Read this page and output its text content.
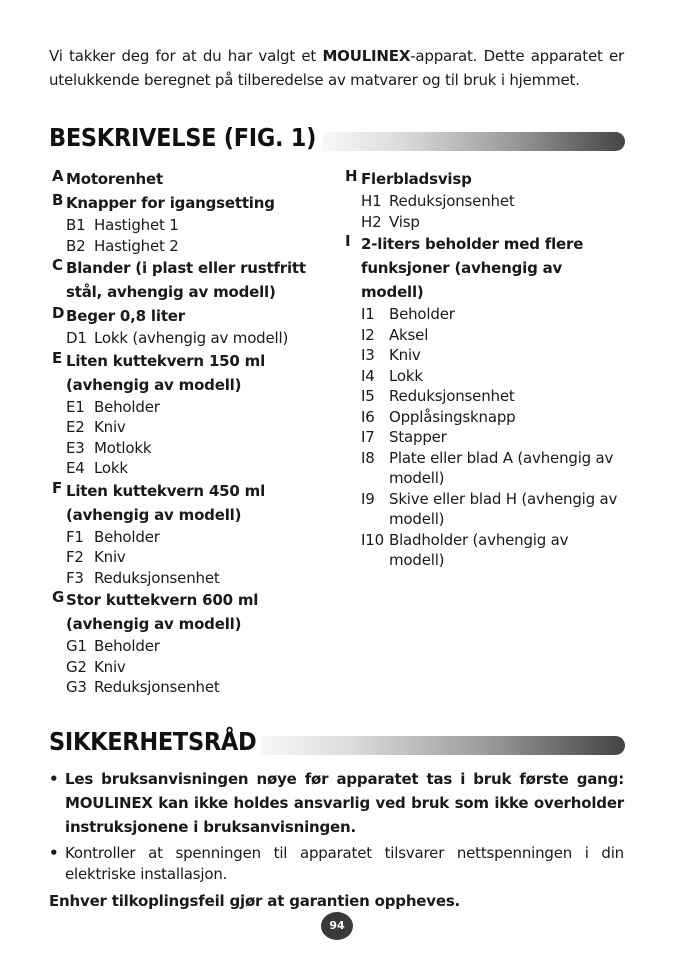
Vi takker deg for at du har valgt et MOULINEX-apparat. Dette apparatet er utelukkende beregnet på tilberedelse av matvarer og til bruk i hjemmet.
BESKRIVELSE (FIG. 1)
A Motorenhet
B Knapper for igangsetting
B1 Hastighet 1
B2 Hastighet 2
C Blander (i plast eller rustfritt stål, avhengig av modell)
D Beger 0,8 liter
D1 Lokk (avhengig av modell)
E Liten kuttekvern 150 ml (avhengig av modell)
E1 Beholder
E2 Kniv
E3 Motlokk
E4 Lokk
F Liten kuttekvern 450 ml (avhengig av modell)
F1 Beholder
F2 Kniv
F3 Reduksjonsenhet
G Stor kuttekvern 600 ml (avhengig av modell)
G1 Beholder
G2 Kniv
G3 Reduksjonsenhet
H Flerbladsvisp
H1 Reduksjonsenhet
H2 Visp
I 2-liters beholder med flere funksjoner (avhengig av modell)
I1 Beholder
I2 Aksel
I3 Kniv
I4 Lokk
I5 Reduksjonsenhet
I6 Opplåsingsknapp
I7 Stapper
I8 Plate eller blad A (avhengig av modell)
I9 Skive eller blad H (avhengig av modell)
I10 Bladholder (avhengig av modell)
SIKKERHETSRÅD
• Les bruksanvisningen nøye før apparatet tas i bruk første gang: MOULINEX kan ikke holdes ansvarlig ved bruk som ikke overholder instruksjonene i bruksanvisningen.
• Kontroller at spenningen til apparatet tilsvarer nettspenningen i din elektriske installasjon.
Enhver tilkoplingsfeil gjør at garantien oppheves.
94
